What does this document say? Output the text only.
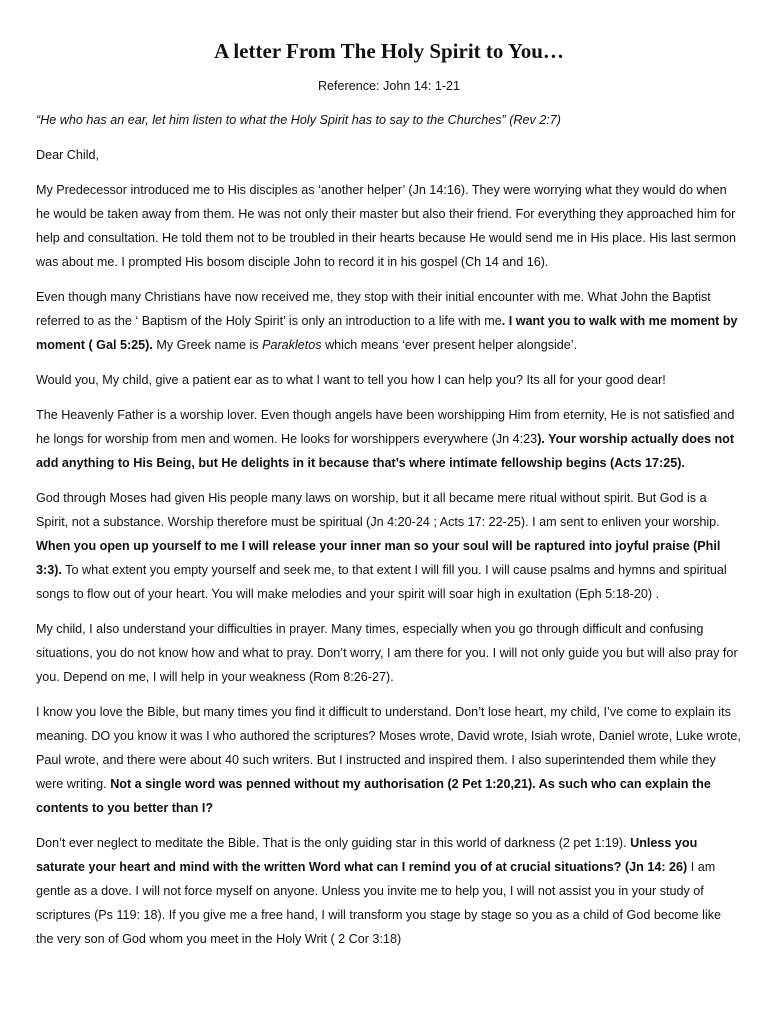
A letter From The Holy Spirit to You…
Reference: John 14: 1-21

“He who has an ear, let him listen to what the Holy Spirit has to say to the Churches” (Rev 2:7)

Dear Child,

My Predecessor introduced me to His disciples as ‘another helper’ (Jn 14:16). They were worrying what they would do when he would be taken away from them. He was not only their master but also their friend. For everything they approached him for help and consultation. He told them not to be troubled in their hearts because He would send me in His place. His last sermon was about me. I prompted His bosom disciple John to record it in his gospel (Ch 14 and 16).

Even though many Christians have now received me, they stop with their initial encounter with me. What John the Baptist referred to as the ‘ Baptism of the Holy Spirit’ is only an introduction to a life with me. I want you to walk with me moment by moment ( Gal 5:25). My Greek name is Parakletos which means ‘ever present helper alongside’.

Would you, My child, give a patient ear as to what I want to tell you how I can help you? Its all for your good dear!

The Heavenly Father is a worship lover. Even though angels have been worshipping Him from eternity, He is not satisfied and he longs for worship from men and women. He looks for worshippers everywhere (Jn 4:23). Your worship actually does not add anything to His Being, but He delights in it because that’s where intimate fellowship begins (Acts 17:25).

God through Moses had given His people many laws on worship, but it all became mere ritual without spirit. But God is a Spirit, not a substance. Worship therefore must be spiritual (Jn 4:20-24 ; Acts 17: 22-25). I am sent to enliven your worship. When you open up yourself to me I will release your inner man so your soul will be raptured into joyful praise (Phil 3:3). To what extent you empty yourself and seek me, to that extent I will fill you. I will cause psalms and hymns and spiritual songs to flow out of your heart. You will make melodies and your spirit will soar high in exultation (Eph 5:18-20) .

My child, I also understand your difficulties in prayer. Many times, especially when you go through difficult and confusing situations, you do not know how and what to pray. Don’t worry, I am there for you. I will not only guide you but will also pray for you. Depend on me, I will help in your weakness (Rom 8:26-27).

I know you love the Bible, but many times you find it difficult to understand. Don’t lose heart, my child, I’ve come to explain its meaning. DO you know it was I who authored the scriptures? Moses wrote, David wrote, Isiah wrote, Daniel wrote, Luke wrote, Paul wrote, and there were about 40 such writers. But I instructed and inspired them. I also superintended them while they were writing. Not a single word was penned without my authorisation (2 Pet 1:20,21). As such who can explain the contents to you better than I?

Don’t ever neglect to meditate the Bible. That is the only guiding star in this world of darkness (2 pet 1:19). Unless you saturate your heart and mind with the written Word what can I remind you of at crucial situations? (Jn 14: 26) I am gentle as a dove. I will not force myself on anyone. Unless you invite me to help you, I will not assist you in your study of scriptures (Ps 119: 18). If you give me a free hand, I will transform you stage by stage so you as a child of God become like the very son of God whom you meet in the Holy Writ ( 2 Cor 3:18)
